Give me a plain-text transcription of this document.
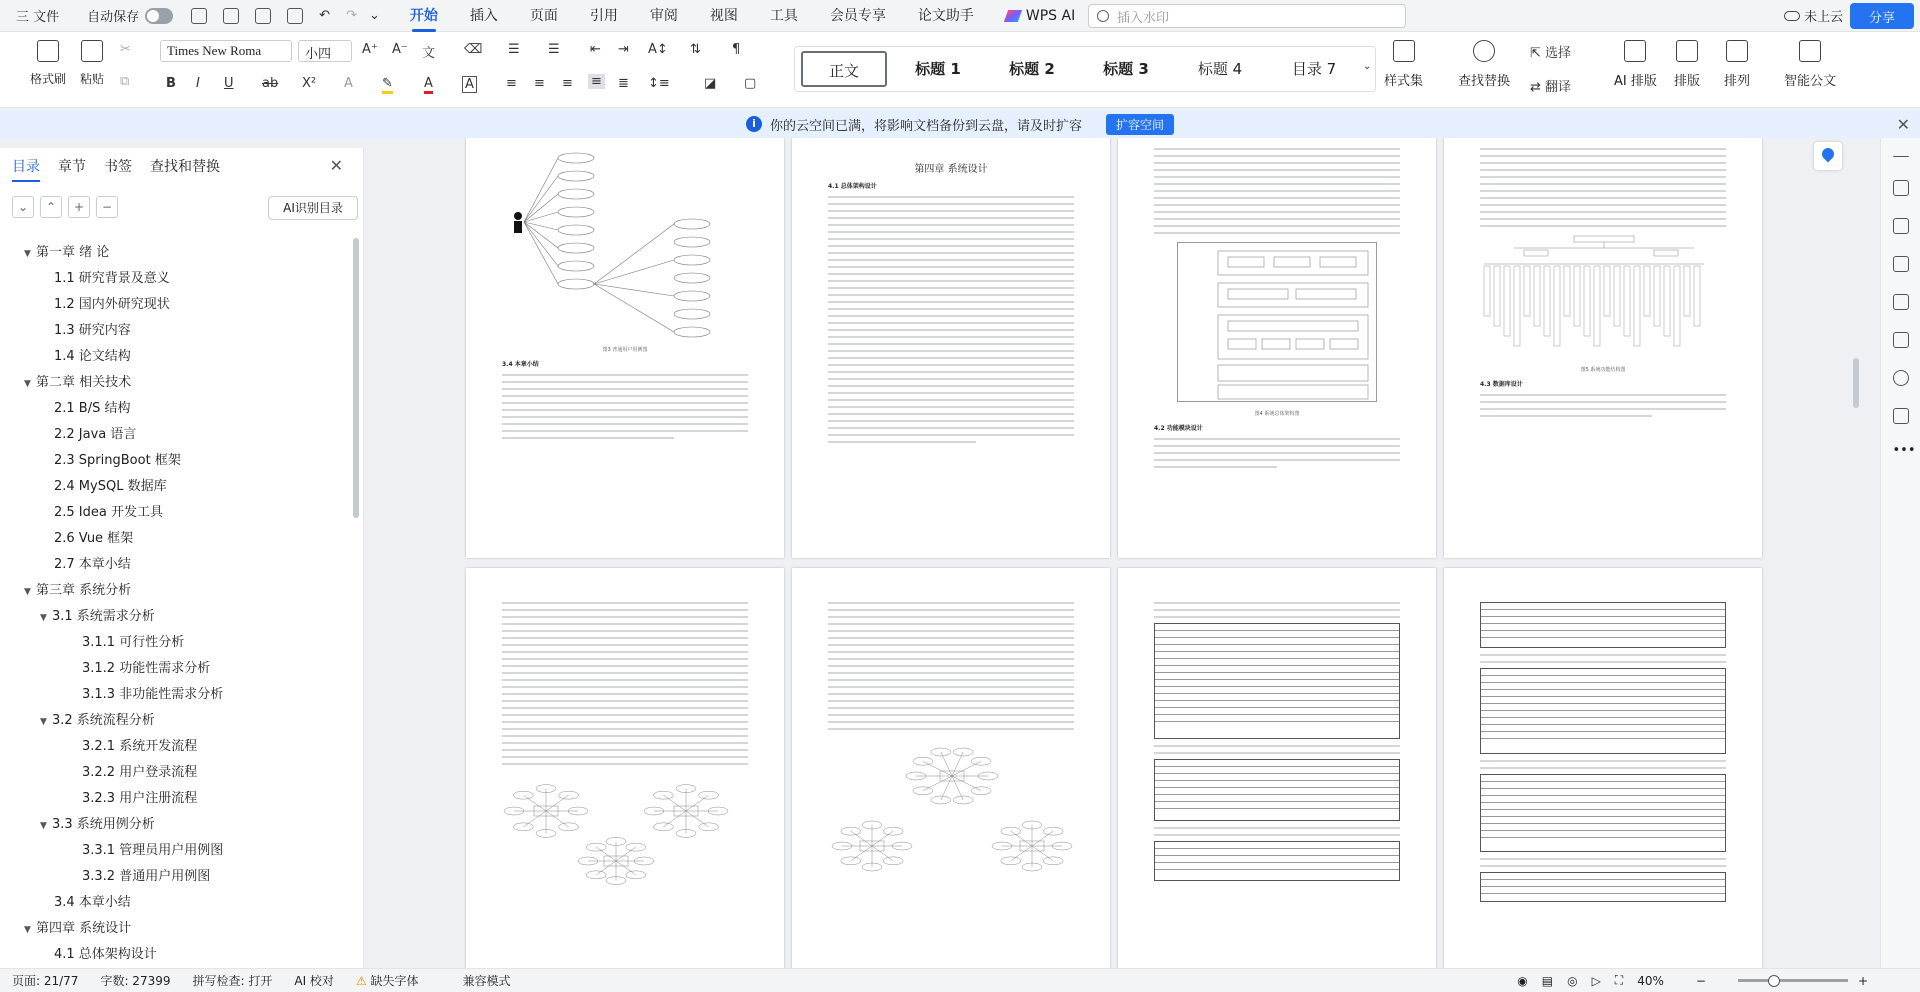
三 文件 自动保存	↶ ↷ ⌄ 开始 插入 页面 引用 审阅 视图 工具 会员专享 论文助手	WPS AI	插入水印	未上云 分享
格式刷	粘贴
✂
⧉
Times New Roma	小四	A⁺ A⁻ 文 ⌫
B I U ab X² A ✎ A A
☰ ☰ ⇤ ⇥ A↕ ⇅ ¶
≡ ≡ ≡ ≡ ≣ ↕≡	◪ ▢
正文	标题 1	标题 2	标题 3	标题 4	目录 7	⌄
样式集	查找替换
⇱ 选择
⇄ 翻译	AI 排版 排版 排列	智能公文
i	你的云空间已满，将影响文档备份到云盘，请及时扩容	扩容空间	✕
目录 章节 书签 查找和替换	✕
⌄	⌃	+	−	AI识别目录
▼ 第一章 绪 论
1.1 研究背景及意义
1.2 国内外研究现状
1.3 研究内容
1.4 论文结构
▼ 第二章 相关技术
2.1 B/S 结构
2.2 Java 语言
2.3 SpringBoot 框架
2.4 MySQL 数据库
2.5 Idea 开发工具
2.6 Vue 框架
2.7 本章小结
▼ 第三章 系统分析
▼ 3.1 系统需求分析
3.1.1 可行性分析
3.1.2 功能性需求分析
3.1.3 非功能性需求分析
▼ 3.2 系统流程分析
3.2.1 系统开发流程
3.2.2 用户登录流程
3.2.3 用户注册流程
▼ 3.3 系统用例分析
3.3.1 管理员用户用例图
3.3.2 普通用户用例图
3.4 本章小结
▼ 第四章 系统设计
4.1 总体架构设计
图3 普通用户用例图
3.4 本章小结
第四章 系统设计
4.1 总体架构设计
图4 系统总体架构图
4.2 功能模块设计
图5 系统功能结构图
4.3 数据库设计
•••
页面: 21/77 字数: 27399 拼写检查: 打开 AI 校对 ⚠ 缺失字体	兼容模式	◉ ▤ ◎ ▷ ⛶ 40%	−	+
